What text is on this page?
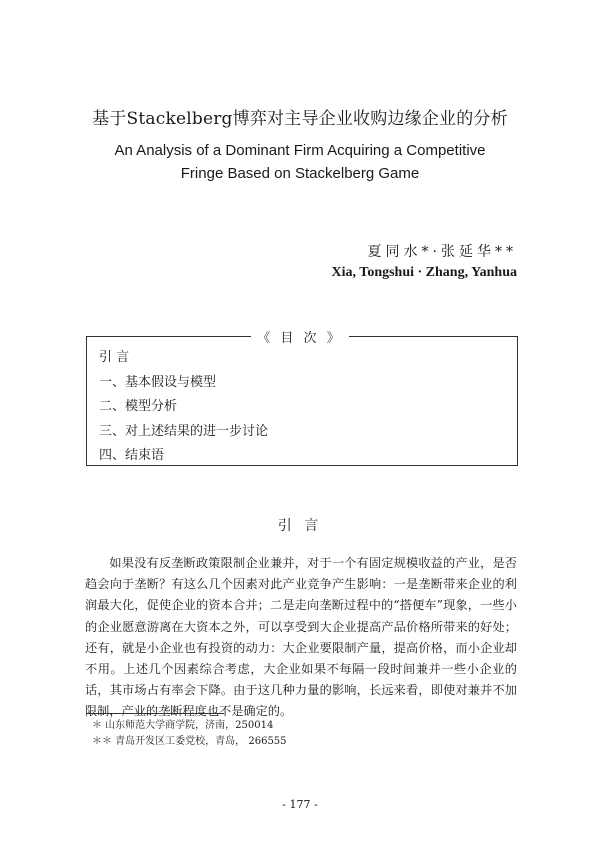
基于Stackelberg博弈对主导企业收购边缘企业的分析
An Analysis of a Dominant Firm Acquiring a Competitive
Fringe Based on Stackelberg Game
夏同水*·张延华**
Xia, Tongshui · Zhang, Yanhua
《 目 次 》
引 言
一、基本假设与模型
二、模型分析
三、对上述结果的进一步讨论
四、结束语
引 言

如果没有反垄断政策限制企业兼并，对于一个有固定规模收益的产业，是否趋会向于垄断？有这么几个因素对此产业竞争产生影响：一是垄断带来企业的利润最大化，促使企业的资本合并；二是走向垄断过程中的“搭便车”现象，一些小的企业愿意游离在大资本之外，可以享受到大企业提高产品价格所带来的好处；还有，就是小企业也有投资的动力：大企业要限制产量，提高价格，而小企业却不用。上述几个因素综合考虑，大企业如果不每隔一段时间兼并一些小企业的话，其市场占有率会下降。由于这几种力量的影响，长远来看，即使对兼并不加限制，产业的垄断程度也不是确定的。

＊ 山东师范大学商学院，济南，250014
＊＊ 青岛开发区工委党校，青岛， 266555
- 177 -
